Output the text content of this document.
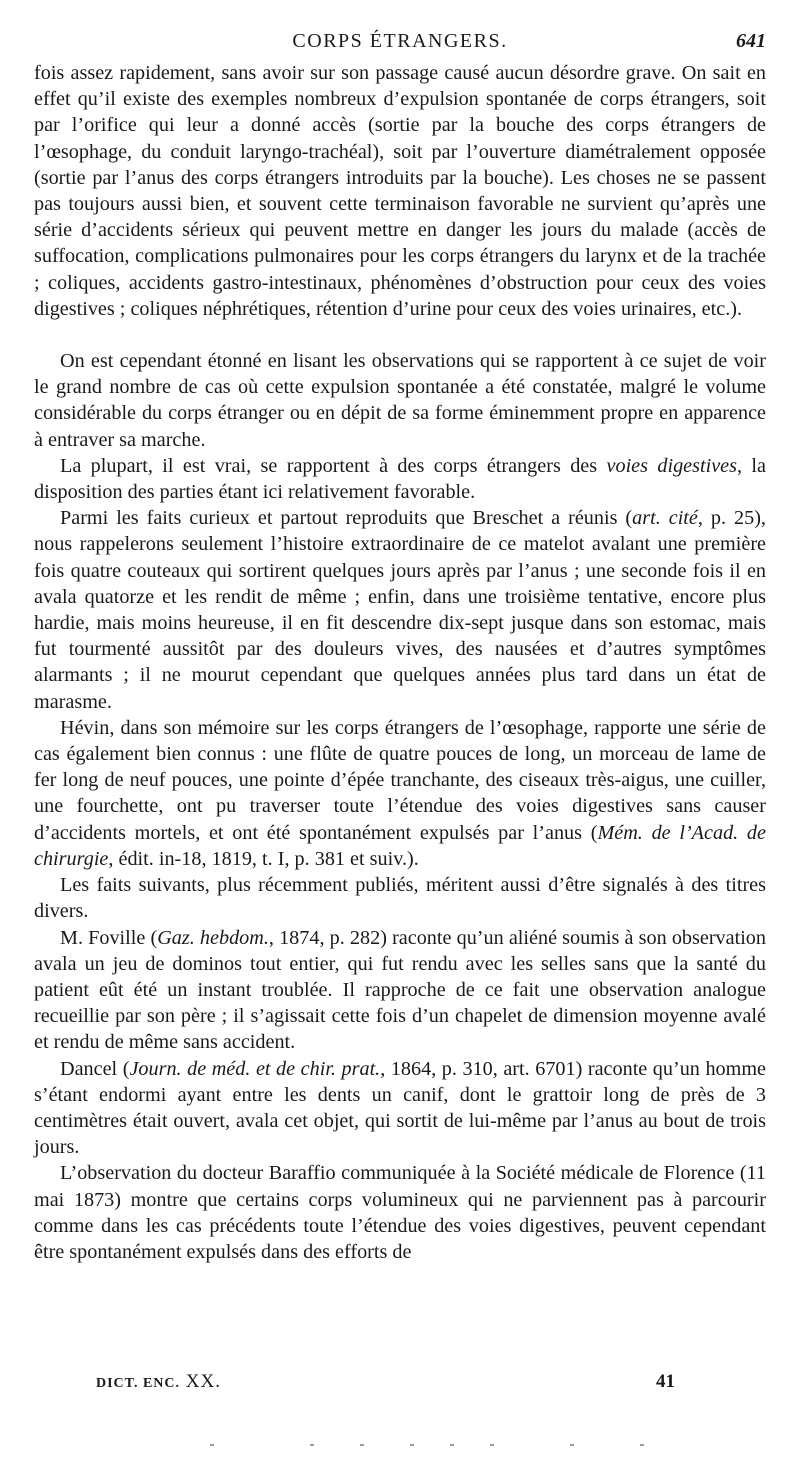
CORPS ÉTRANGERS.	641

fois assez rapidement, sans avoir sur son passage causé aucun désordre grave. On sait en effet qu’il existe des exemples nombreux d’expulsion spontanée de corps étrangers, soit par l’orifice qui leur a donné accès (sortie par la bouche des corps étrangers de l’œsophage, du conduit laryngo-trachéal), soit par l’ouverture diamétralement opposée (sortie par l’anus des corps étrangers introduits par la bouche). Les choses ne se passent pas toujours aussi bien, et souvent cette terminaison favorable ne survient qu’après une série d’accidents sérieux qui peuvent mettre en danger les jours du malade (accès de suffocation, complications pulmonaires pour les corps étrangers du larynx et de la trachée ; coliques, accidents gastro-intestinaux, phénomènes d’obstruction pour ceux des voies digestives ; coliques néphrétiques, rétention d’urine pour ceux des voies urinaires, etc.).

On est cependant étonné en lisant les observations qui se rapportent à ce sujet de voir le grand nombre de cas où cette expulsion spontanée a été constatée, malgré le volume considérable du corps étranger ou en dépit de sa forme éminemment propre en apparence à entraver sa marche.

La plupart, il est vrai, se rapportent à des corps étrangers des voies digestives, la disposition des parties étant ici relativement favorable.

Parmi les faits curieux et partout reproduits que Breschet a réunis (art. cité, p. 25), nous rappelerons seulement l’histoire extraordinaire de ce matelot avalant une première fois quatre couteaux qui sortirent quelques jours après par l’anus ; une seconde fois il en avala quatorze et les rendit de même ; enfin, dans une troisième tentative, encore plus hardie, mais moins heureuse, il en fit descendre dix-sept jusque dans son estomac, mais fut tourmenté aussitôt par des douleurs vives, des nausées et d’autres symptômes alarmants ; il ne mourut cependant que quelques années plus tard dans un état de marasme.

Hévin, dans son mémoire sur les corps étrangers de l’œsophage, rapporte une série de cas également bien connus : une flûte de quatre pouces de long, un morceau de lame de fer long de neuf pouces, une pointe d’épée tranchante, des ciseaux très-aigus, une cuiller, une fourchette, ont pu traverser toute l’étendue des voies digestives sans causer d’accidents mortels, et ont été spontanément expulsés par l’anus (Mém. de l’Acad. de chirurgie, édit. in-18, 1819, t. I, p. 381 et suiv.).

Les faits suivants, plus récemment publiés, méritent aussi d’être signalés à des titres divers.

M. Foville (Gaz. hebdom., 1874, p. 282) raconte qu’un aliéné soumis à son observation avala un jeu de dominos tout entier, qui fut rendu avec les selles sans que la santé du patient eût été un instant troublée. Il rapproche de ce fait une observation analogue recueillie par son père ; il s’agissait cette fois d’un chapelet de dimension moyenne avalé et rendu de même sans accident.

Dancel (Journ. de méd. et de chir. prat., 1864, p. 310, art. 6701) raconte qu’un homme s’étant endormi ayant entre les dents un canif, dont le grattoir long de près de 3 centimètres était ouvert, avala cet objet, qui sortit de lui-même par l’anus au bout de trois jours.

L’observation du docteur Baraffio communiquée à la Société médicale de Florence (11 mai 1873) montre que certains corps volumineux qui ne parviennent pas à parcourir comme dans les cas précédents toute l’étendue des voies digestives, peuvent cependant être spontanément expulsés dans des efforts de

DICT. ENC. XX.	41
